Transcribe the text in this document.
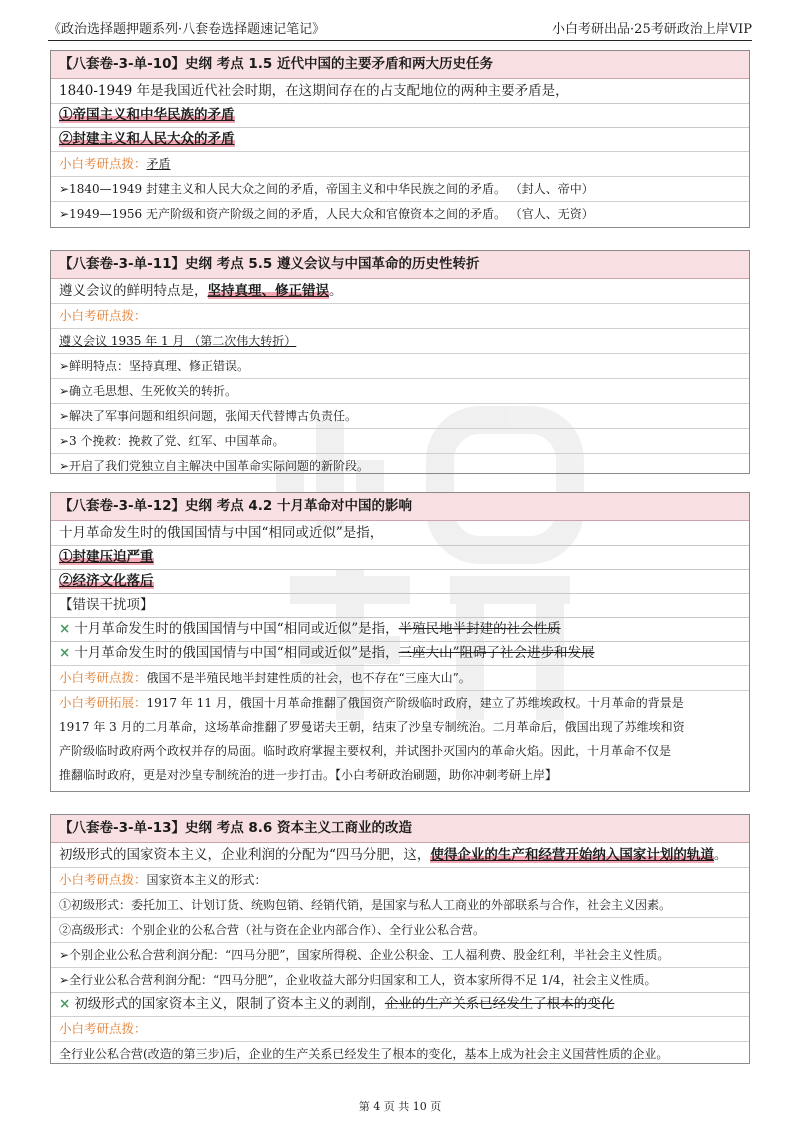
《政治选择题押题系列·八套卷选择题速记笔记》	小白考研出品·25考研政治上岸VIP
【八套卷-3-单-10】史纲 考点 1.5 近代中国的主要矛盾和两大历史任务
1840-1949 年是我国近代社会时期，在这期间存在的占支配地位的两种主要矛盾是，
①帝国主义和中华民族的矛盾
②封建主义和人民大众的矛盾
小白考研点拨：矛盾
➢1840—1949 封建主义和人民大众之间的矛盾，帝国主义和中华民族之间的矛盾。 （封人、帝中）
➢1949—1956 无产阶级和资产阶级之间的矛盾，人民大众和官僚资本之间的矛盾。 （官人、无资）
【八套卷-3-单-11】史纲 考点 5.5 遵义会议与中国革命的历史性转折
遵义会议的鲜明特点是，坚持真理、修正错误。
小白考研点拨：
遵义会议 1935 年 1 月 （第二次伟大转折）
➢鲜明特点：坚持真理、修正错误。
➢确立毛思想、生死攸关的转折。
➢解决了军事问题和组织问题，张闻天代替博古负责任。
➢3 个挽救：挽救了党、红军、中国革命。
➢开启了我们党独立自主解决中国革命实际问题的新阶段。
【八套卷-3-单-12】史纲 考点 4.2 十月革命对中国的影响
十月革命发生时的俄国国情与中国“相同或近似”是指，
①封建压迫严重
②经济文化落后
【错误干扰项】
× 十月革命发生时的俄国国情与中国“相同或近似”是指，半殖民地半封建的社会性质
× 十月革命发生时的俄国国情与中国“相同或近似”是指，三座大山”阻碍了社会进步和发展
小白考研点拨：俄国不是半殖民地半封建性质的社会，也不存在“三座大山”。
小白考研拓展：1917 年 11 月，俄国十月革命推翻了俄国资产阶级临时政府，建立了苏维埃政权。十月革命的背景是
1917 年 3 月的二月革命，这场革命推翻了罗曼诺夫王朝，结束了沙皇专制统治。二月革命后，俄国出现了苏维埃和资
产阶级临时政府两个政权并存的局面。临时政府掌握主要权利，并试图扑灭国内的革命火焰。因此，十月革命不仅是
推翻临时政府，更是对沙皇专制统治的进一步打击。【小白考研政治刷题，助你冲刺考研上岸】
【八套卷-3-单-13】史纲 考点 8.6 资本主义工商业的改造
初级形式的国家资本主义，企业利润的分配为“四马分肥，这，使得企业的生产和经营开始纳入国家计划的轨道。
小白考研点拨：国家资本主义的形式：
①初级形式：委托加工、计划订货、统购包销、经销代销，是国家与私人工商业的外部联系与合作，社会主义因素。
②高级形式：个别企业的公私合营（社与资在企业内部合作）、全行业公私合营。
➢个别企业公私合营利润分配：“四马分肥”，国家所得税、企业公积金、工人福利费、股金红利，半社会主义性质。
➢全行业公私合营利润分配：“四马分肥”，企业收益大部分归国家和工人，资本家所得不足 1/4，社会主义性质。
× 初级形式的国家资本主义，限制了资本主义的剥削，企业的生产关系已经发生了根本的变化
小白考研点拨：
全行业公私合营(改造的第三步)后，企业的生产关系已经发生了根本的变化，基本上成为社会主义国营性质的企业。
第 4 页 共 10 页
